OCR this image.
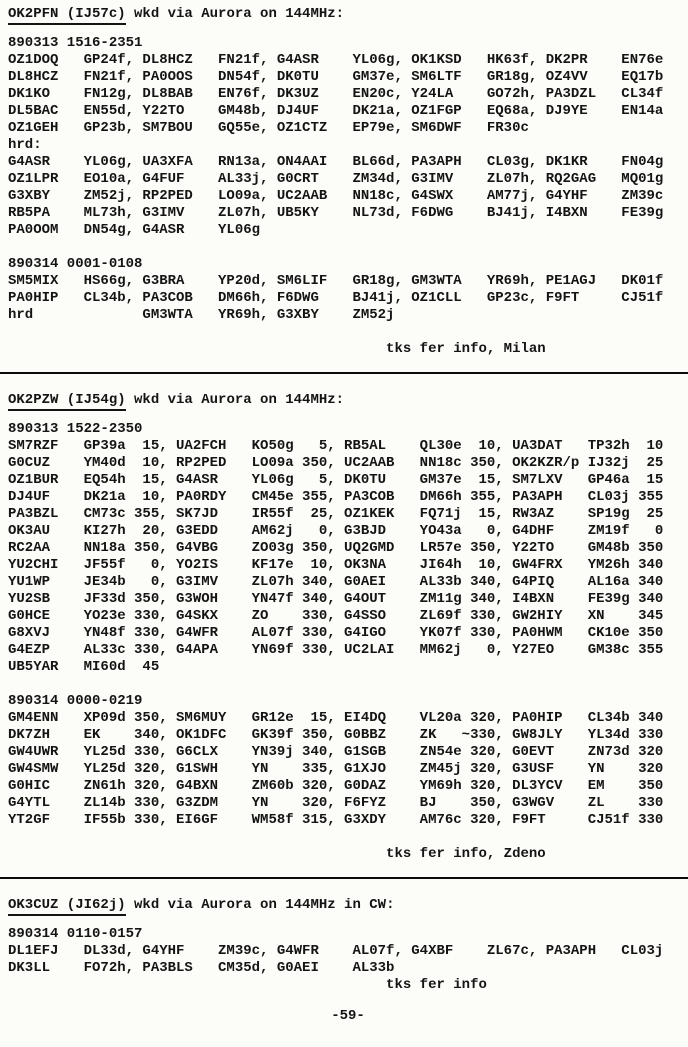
OK2PFN (IJ57c) wkd via Aurora on 144MHz:
890313 1516-2351
OZ1DOQ   GP24f, DL8HCZ   FN21f, G4ASR    YL06g, OK1KSD   HK63f, DK2PR    EN76e
DL8HCZ   FN21f, PA0OOS   DN54f, DK0TU    GM37e, SM6LTF   GR18g, OZ4VV    EQ17b
DK1KO    FN12g, DL8BAB   EN76f, DK3UZ    EN20c, Y24LA    GO72h, PA3DZL   CL34f
DL5BAC   EN55d, Y22TO    GM48b, DJ4UF    DK21a, OZ1FGP   EQ68a, DJ9YE    EN14a
OZ1GEH   GP23b, SM7BOU   GQ55e, OZ1CTZ   EP79e, SM6DWF   FR30c
hrd:
G4ASR    YL06g, UA3XFA   RN13a, ON4AAI   BL66d, PA3APH   CL03g, DK1KR    FN04g
OZ1LPR   EO10a, G4FUF    AL33j, G0CRT    ZM34d, G3IMV    ZL07h, RQ2GAG   MQ01g
G3XBY    ZM52j, RP2PED   LO09a, UC2AAB   NN18c, G4SWX    AM77j, G4YHF    ZM39c
RB5PA    ML73h, G3IMV    ZL07h, UB5KY    NL73d, F6DWG    BJ41j, I4BXN    FE39g
PA0OOM   DN54g, G4ASR    YL06g
890314 0001-0108
SM5MIX   HS66g, G3BRA    YP20d, SM6LIF   GR18g, GM3WTA   YR69h, PE1AGJ   DK01f
PA0HIP   CL34b, PA3COB   DM66h, F6DWG    BJ41j, OZ1CLL   GP23c, F9FT     CJ51f
hrd             GM3WTA   YR69h, G3XBY    ZM52j
tks fer info, Milan
OK2PZW (IJ54g) wkd via Aurora on 144MHz:
890313 1522-2350
SM7RZF   GP39a  15, UA2FCH   KO50g   5, RB5AL    QL30e  10, UA3DAT   TP32h  10
G0CUZ    YM40d  10, RP2PED   LO09a 350, UC2AAB   NN18c 350, OK2KZR/p IJ32j  25
OZ1BUR   EQ54h  15, G4ASR    YL06g   5, DK0TU    GM37e  15, SM7LXV   GP46a  15
DJ4UF    DK21a  10, PA0RDY   CM45e 355, PA3COB   DM66h 355, PA3APH   CL03j 355
PA3BZL   CM73c 355, SK7JD    IR55f  25, OZ1KEK   FQ71j  15, RW3AZ    SP19g  25
OK3AU    KI27h  20, G3EDD    AM62j   0, G3BJD    YO43a   0, G4DHF    ZM19f   0
RC2AA    NN18a 350, G4VBG    ZO03g 350, UQ2GMD   LR57e 350, Y22TO    GM48b 350
YU2CHI   JF55f   0, YO2IS    KF17e  10, OK3NA    JI64h  10, GW4FRX   YM26h 340
YU1WP    JE34b   0, G3IMV    ZL07h 340, G0AEI    AL33b 340, G4PIQ    AL16a 340
YU2SB    JF33d 350, G3WOH    YN47f 340, G4OUT    ZM11g 340, I4BXN    FE39g 340
G0HCE    YO23e 330, G4SKX    ZO    330, G4SSO    ZL69f 330, GW2HIY   XN    345
G8XVJ    YN48f 330, G4WFR    AL07f 330, G4IGO    YK07f 330, PA0HWM   CK10e 350
G4EZP    AL33c 330, G4APA    YN69f 330, UC2LAI   MM62j   0, Y27EO    GM38c 355
UB5YAR   MI60d  45
890314 0000-0219
GM4ENN   XP09d 350, SM6MUY   GR12e  15, EI4DQ    VL20a 320, PA0HIP   CL34b 340
DK7ZH    EK    340, OK1DFC   GK39f 350, G0BBZ    ZK   ~330, GW8JLY   YL34d 330
GW4UWR   YL25d 330, G6CLX    YN39j 340, G1SGB    ZN54e 320, G0EVT    ZN73d 320
GW4SMW   YL25d 320, G1SWH    YN    335, G1XJO    ZM45j 320, G3USF    YN    320
G0HIC    ZN61h 320, G4BXN    ZM60b 320, G0DAZ    YM69h 320, DL3YCV   EM    350
G4YTL    ZL14b 330, G3ZDM    YN    320, F6FYZ    BJ    350, G3WGV    ZL    330
YT2GF    IF55b 330, EI6GF    WM58f 315, G3XDY    AM76c 320, F9FT     CJ51f 330
tks fer info, Zdeno
OK3CUZ (JI62j) wkd via Aurora on 144MHz in CW:
890314 0110-0157
DL1EFJ   DL33d, G4YHF    ZM39c, G4WFR    AL07f, G4XBF    ZL67c, PA3APH   CL03j
DK3LL    FO72h, PA3BLS   CM35d, G0AEI    AL33b
tks fer info
-59-
